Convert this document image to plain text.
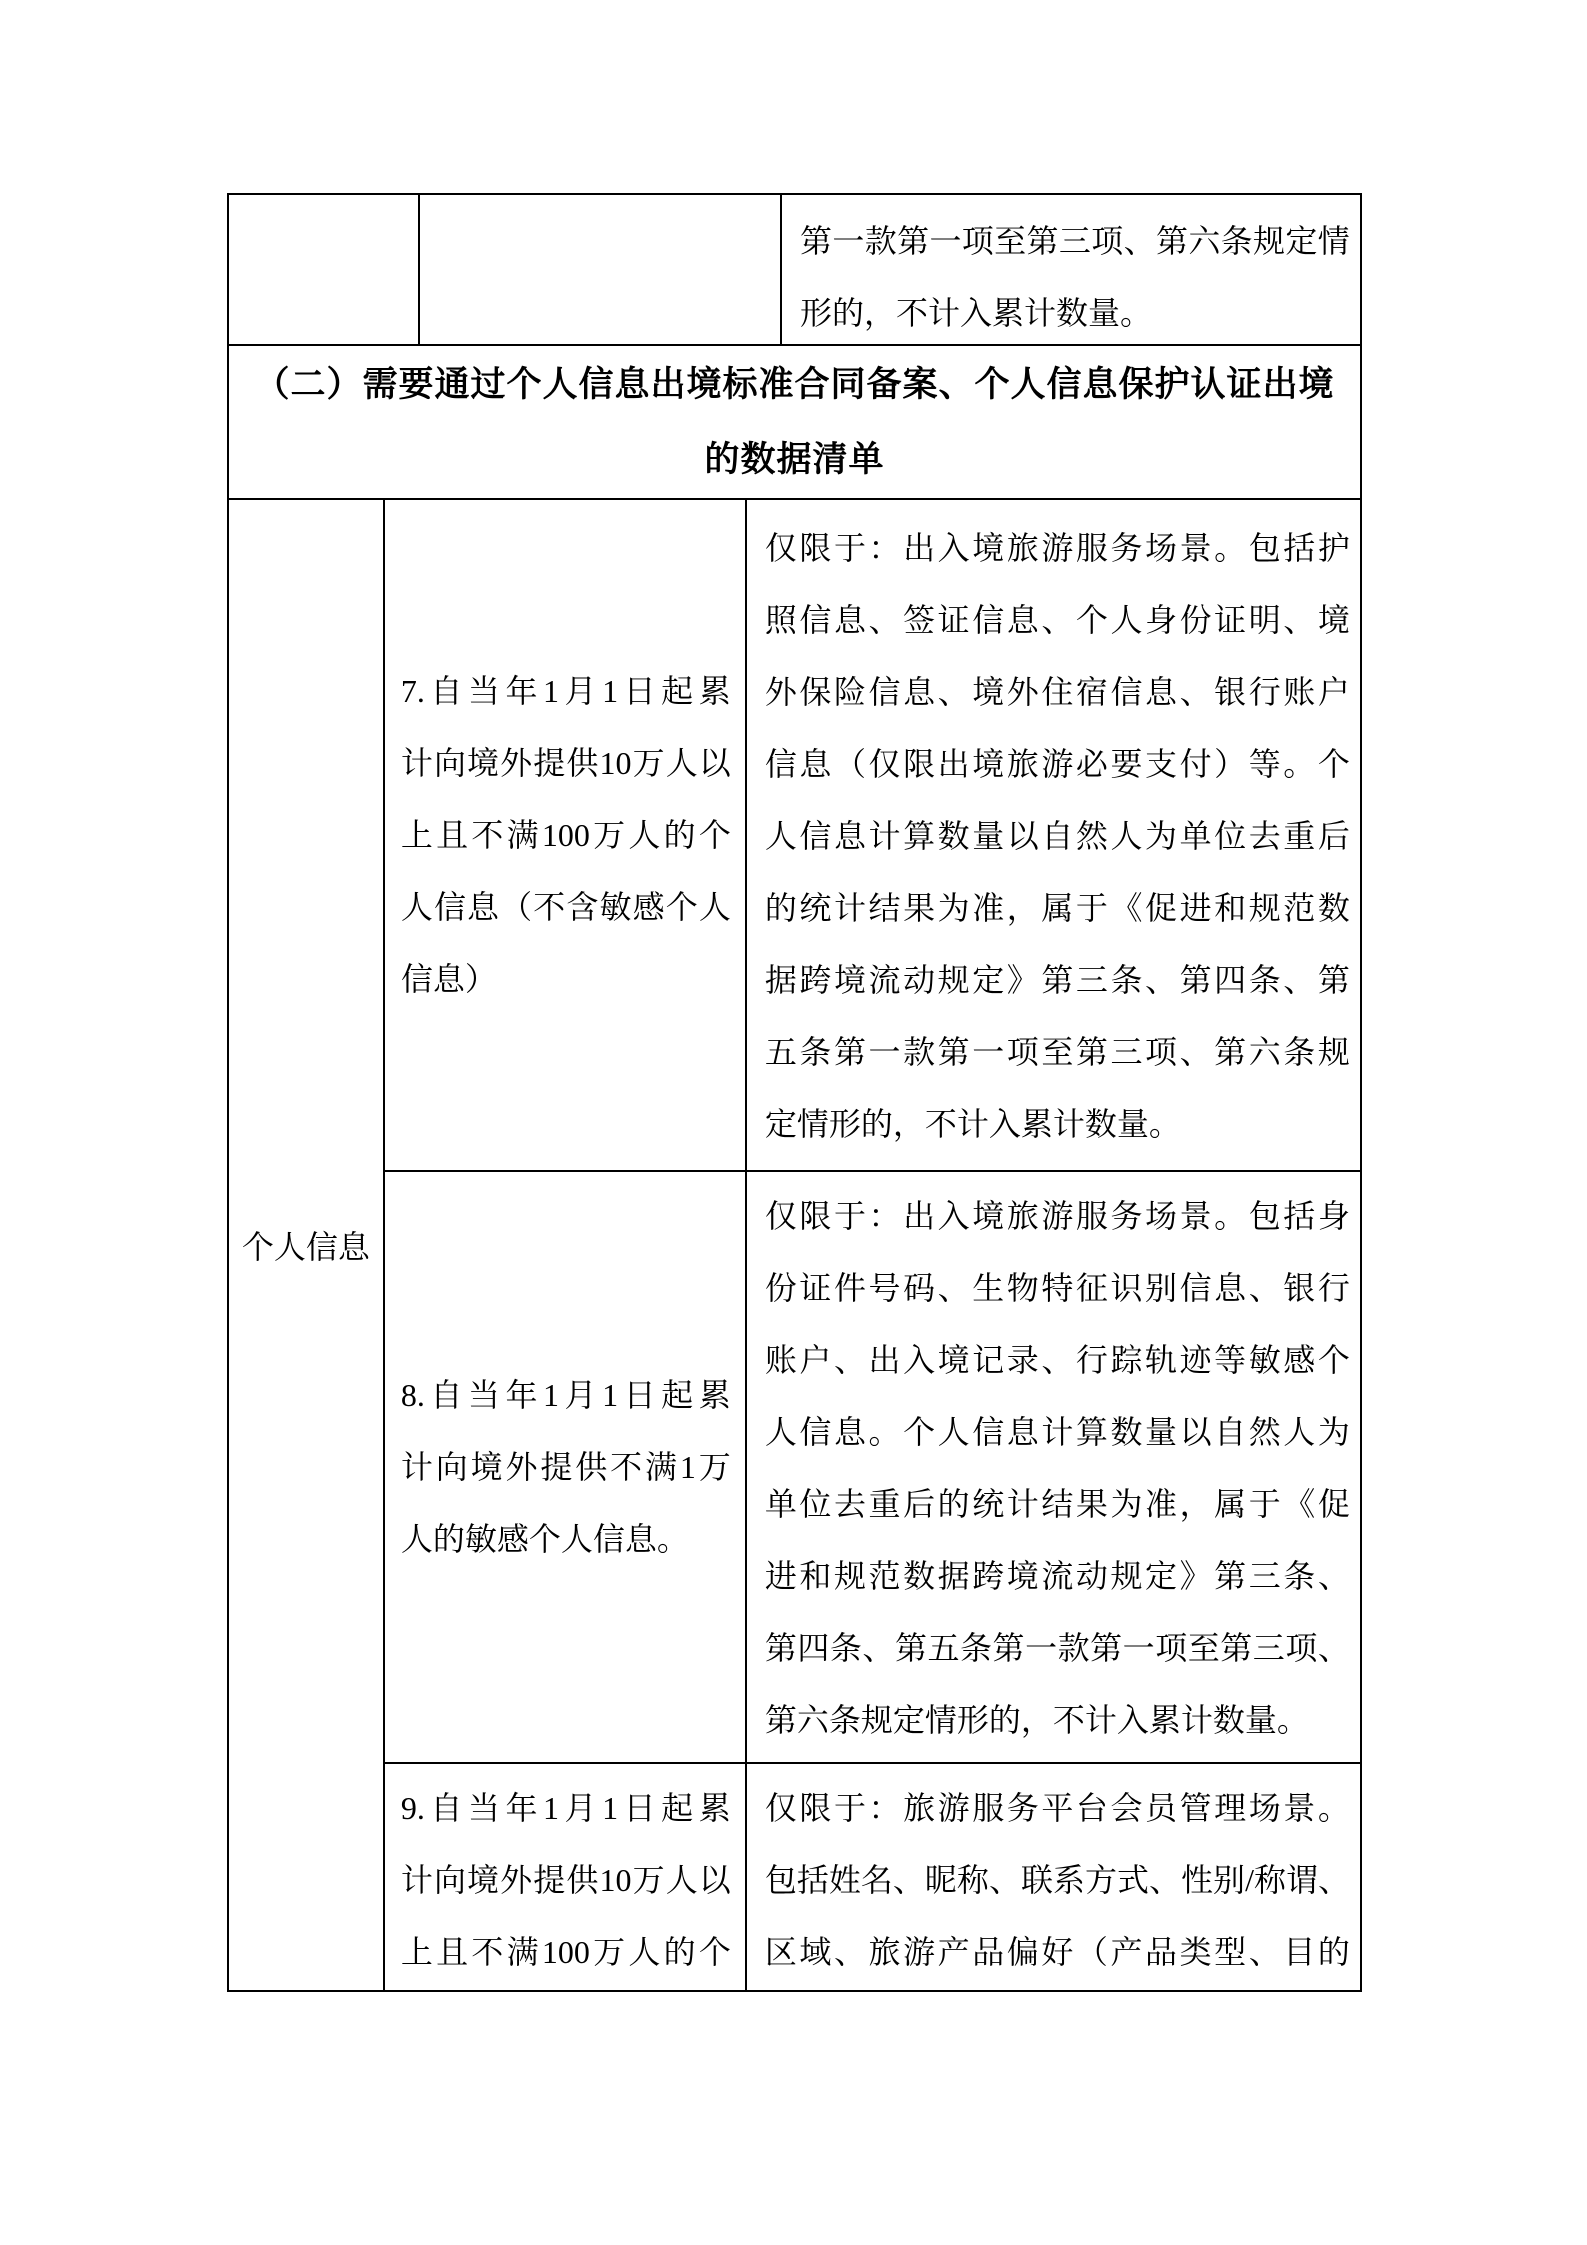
第 一 款 第 一 项 至 第 三 项 、 第 六 条 规 定 情
形的，不计入累计数量。
（二）需要通过个人信息出境标准合同备案、个人信息保护认证出境
的数据清单
个人信息
7. 自 当 年 1 月 1 日 起 累
计 向 境 外 提 供 10 万 人 以
上 且 不 满 100 万 人 的 个
人 信 息 （ 不 含 敏 感 个 人
信息）
仅 限 于 ： 出 入 境 旅 游 服 务 场 景 。 包 括 护
照 信 息 、 签 证 信 息 、 个 人 身 份 证 明 、 境
外 保 险 信 息 、 境 外 住 宿 信 息 、 银 行 账 户
信 息 （ 仅 限 出 境 旅 游 必 要 支 付 ） 等 。 个
人 信 息 计 算 数 量 以 自 然 人 为 单 位 去 重 后
的 统 计 结 果 为 准 ， 属 于 《 促 进 和 规 范 数
据 跨 境 流 动 规 定 》 第 三 条 、 第 四 条 、 第
五 条 第 一 款 第 一 项 至 第 三 项 、 第 六 条 规
定情形的，不计入累计数量。
8. 自 当 年 1 月 1 日 起 累
计 向 境 外 提 供 不 满 1 万
人的敏感个人信息。
仅 限 于 ： 出 入 境 旅 游 服 务 场 景 。 包 括 身
份 证 件 号 码 、 生 物 特 征 识 别 信 息 、 银 行
账 户 、 出 入 境 记 录 、 行 踪 轨 迹 等 敏 感 个
人 信 息 。 个 人 信 息 计 算 数 量 以 自 然 人 为
单 位 去 重 后 的 统 计 结 果 为 准 ， 属 于 《 促
进 和 规 范 数 据 跨 境 流 动 规 定 》 第 三 条 、
第 四 条 、 第 五 条 第 一 款 第 一 项 至 第 三 项 、
第六条规定情形的，不计入累计数量。
9. 自 当 年 1 月 1 日 起 累
计 向 境 外 提 供 10 万 人 以
上 且 不 满 100 万 人 的 个
仅 限 于 ： 旅 游 服 务 平 台 会 员 管 理 场 景 。
包 括 姓 名 、 昵 称 、 联 系 方 式 、 性 别 / 称 谓 、
区 域 、 旅 游 产 品 偏 好 （ 产 品 类 型 、 目 的
